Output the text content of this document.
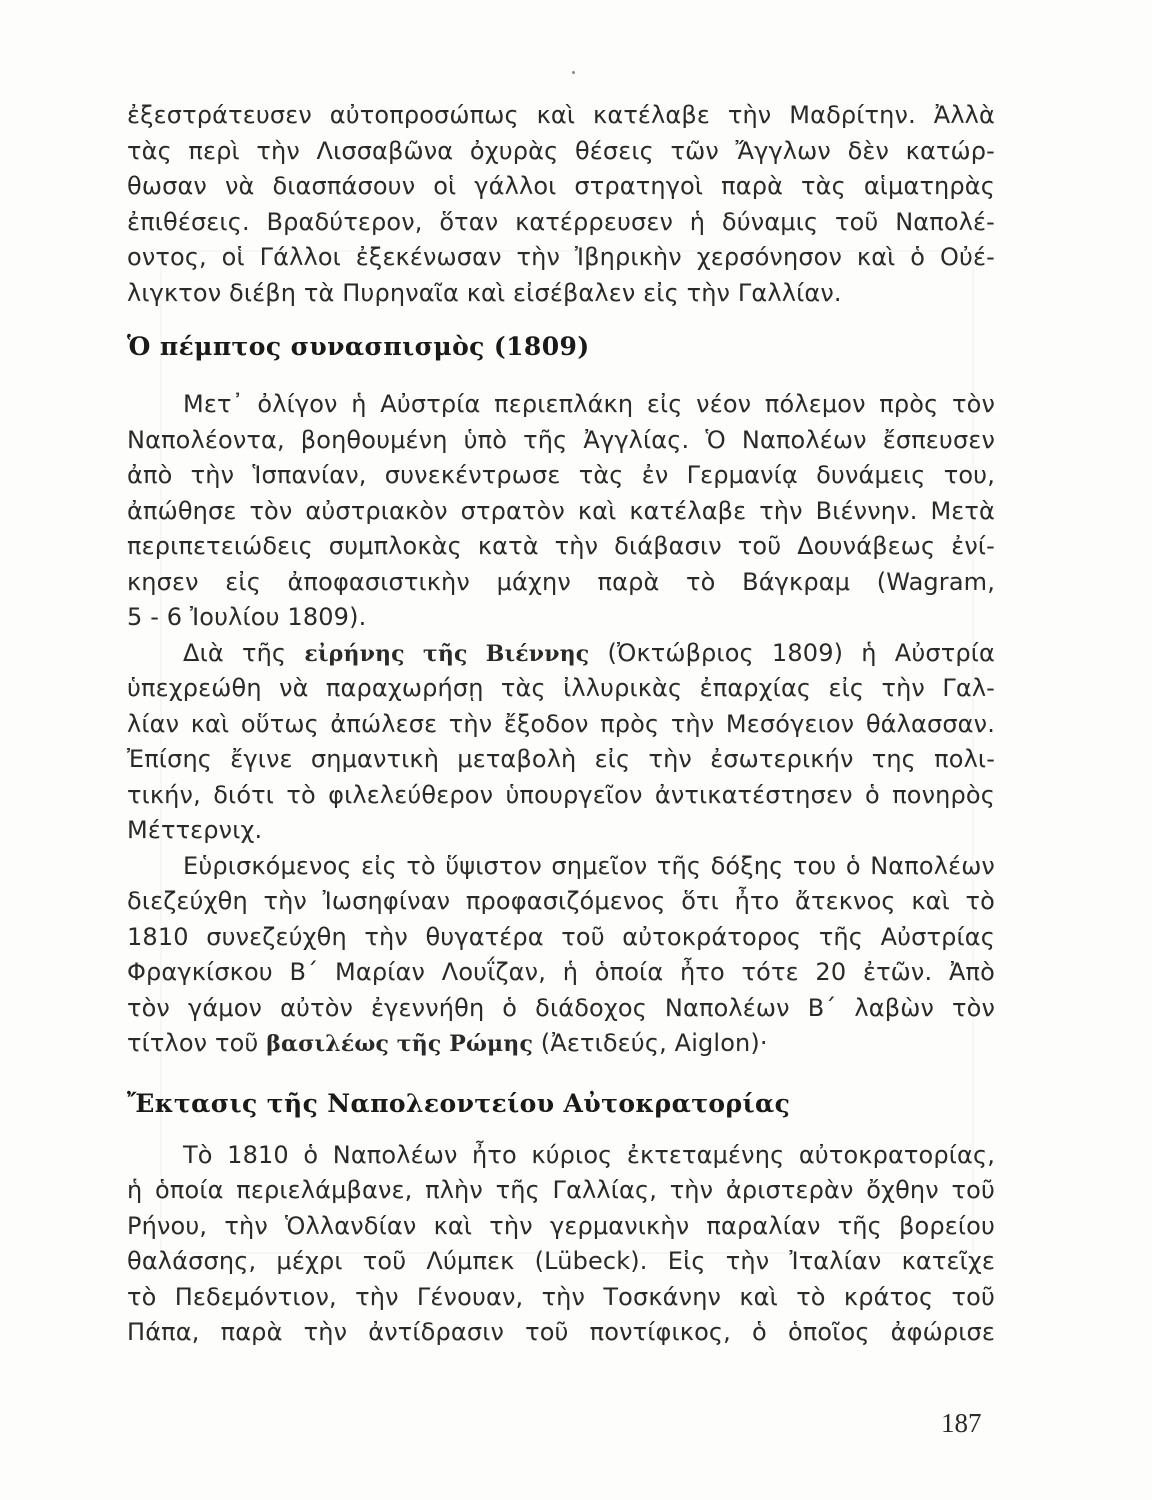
ἐξεστράτευσεν αὐτοπροσώπως καὶ κατέλαβε τὴν Μαδρίτην. Ἀλλὰ
τὰς περὶ τὴν Λισσαβῶνα ὀχυρὰς θέσεις τῶν Ἄγγλων δὲν κατώρ-
θωσαν νὰ διασπάσουν οἱ γάλλοι στρατηγοὶ παρὰ τὰς αἱματηρὰς
ἐπιθέσεις. Βραδύτερον, ὅταν κατέρρευσεν ἡ δύναμις τοῦ Ναπολέ-
οντος, οἱ Γάλλοι ἐξεκένωσαν τὴν Ἰβηρικὴν χερσόνησον καὶ ὁ Οὐέ-
λιγκτον διέβη τὰ Πυρηναῖα καὶ εἰσέβαλεν εἰς τὴν Γαλλίαν.
Ὁ πέμπτος συνασπισμὸς (1809)
Μετ᾽ ὀλίγον ἡ Αὐστρία περιεπλάκη εἰς νέον πόλεμον πρὸς τὸν
Ναπολέοντα, βοηθουμένη ὑπὸ τῆς Ἀγγλίας. Ὁ Ναπολέων ἔσπευσεν
ἀπὸ τὴν Ἱσπανίαν, συνεκέντρωσε τὰς ἐν Γερμανίᾳ δυνάμεις του,
ἀπώθησε τὸν αὐστριακὸν στρατὸν καὶ κατέλαβε τὴν Βιέννην. Μετὰ
περιπετειώδεις συμπλοκὰς κατὰ τὴν διάβασιν τοῦ Δουνάβεως ἐνί-
κησεν εἰς ἀποφασιστικὴν μάχην παρὰ τὸ Βάγκραμ (Wagram,
5 - 6 Ἰουλίου 1809).
Διὰ τῆς εἰρήνης τῆς Βιέννης (Ὀκτώβριος 1809) ἡ Αὐστρία
ὑπεχρεώθη νὰ παραχωρήσῃ τὰς ἰλλυρικὰς ἐπαρχίας εἰς τὴν Γαλ-
λίαν καὶ οὕτως ἀπώλεσε τὴν ἔξοδον πρὸς τὴν Μεσόγειον θάλασσαν.
Ἐπίσης ἔγινε σημαντικὴ μεταβολὴ εἰς τὴν ἐσωτερικήν της πολι-
τικήν, διότι τὸ φιλελεύθερον ὑπουργεῖον ἀντικατέστησεν ὁ πονηρὸς
Μέττερνιχ.
Εὑρισκόμενος εἰς τὸ ὕψιστον σημεῖον τῆς δόξης του ὁ Ναπολέων
διεζεύχθη τὴν Ἰωσηφίναν προφασιζόμενος ὅτι ἦτο ἄτεκνος καὶ τὸ
1810 συνεζεύχθη τὴν θυγατέρα τοῦ αὐτοκράτορος τῆς Αὐστρίας
Φραγκίσκου Β΄ Μαρίαν Λουΐζαν, ἡ ὁποία ἦτο τότε 20 ἐτῶν. Ἀπὸ
τὸν γάμον αὐτὸν ἐγεννήθη ὁ διάδοχος Ναπολέων Β΄ λαβὼν τὸν
τίτλον τοῦ βασιλέως τῆς Ρώμης (Ἀετιδεύς, Aiglon)·
Ἔκτασις τῆς Ναπολεοντείου Αὐτοκρατορίας
Τὸ 1810 ὁ Ναπολέων ἦτο κύριος ἐκτεταμένης αὐτοκρατορίας,
ἡ ὁποία περιελάμβανε, πλὴν τῆς Γαλλίας, τὴν ἀριστερὰν ὄχθην τοῦ
Ρήνου, τὴν Ὁλλανδίαν καὶ τὴν γερμανικὴν παραλίαν τῆς βορείου
θαλάσσης, μέχρι τοῦ Λύμπεκ (Lübeck). Εἰς τὴν Ἰταλίαν κατεῖχε
τὸ Πεδεμόντιον, τὴν Γένουαν, τὴν Τοσκάνην καὶ τὸ κράτος τοῦ
Πάπα, παρὰ τὴν ἀντίδρασιν τοῦ ποντίφικος, ὁ ὁποῖος ἀφώρισε
187
